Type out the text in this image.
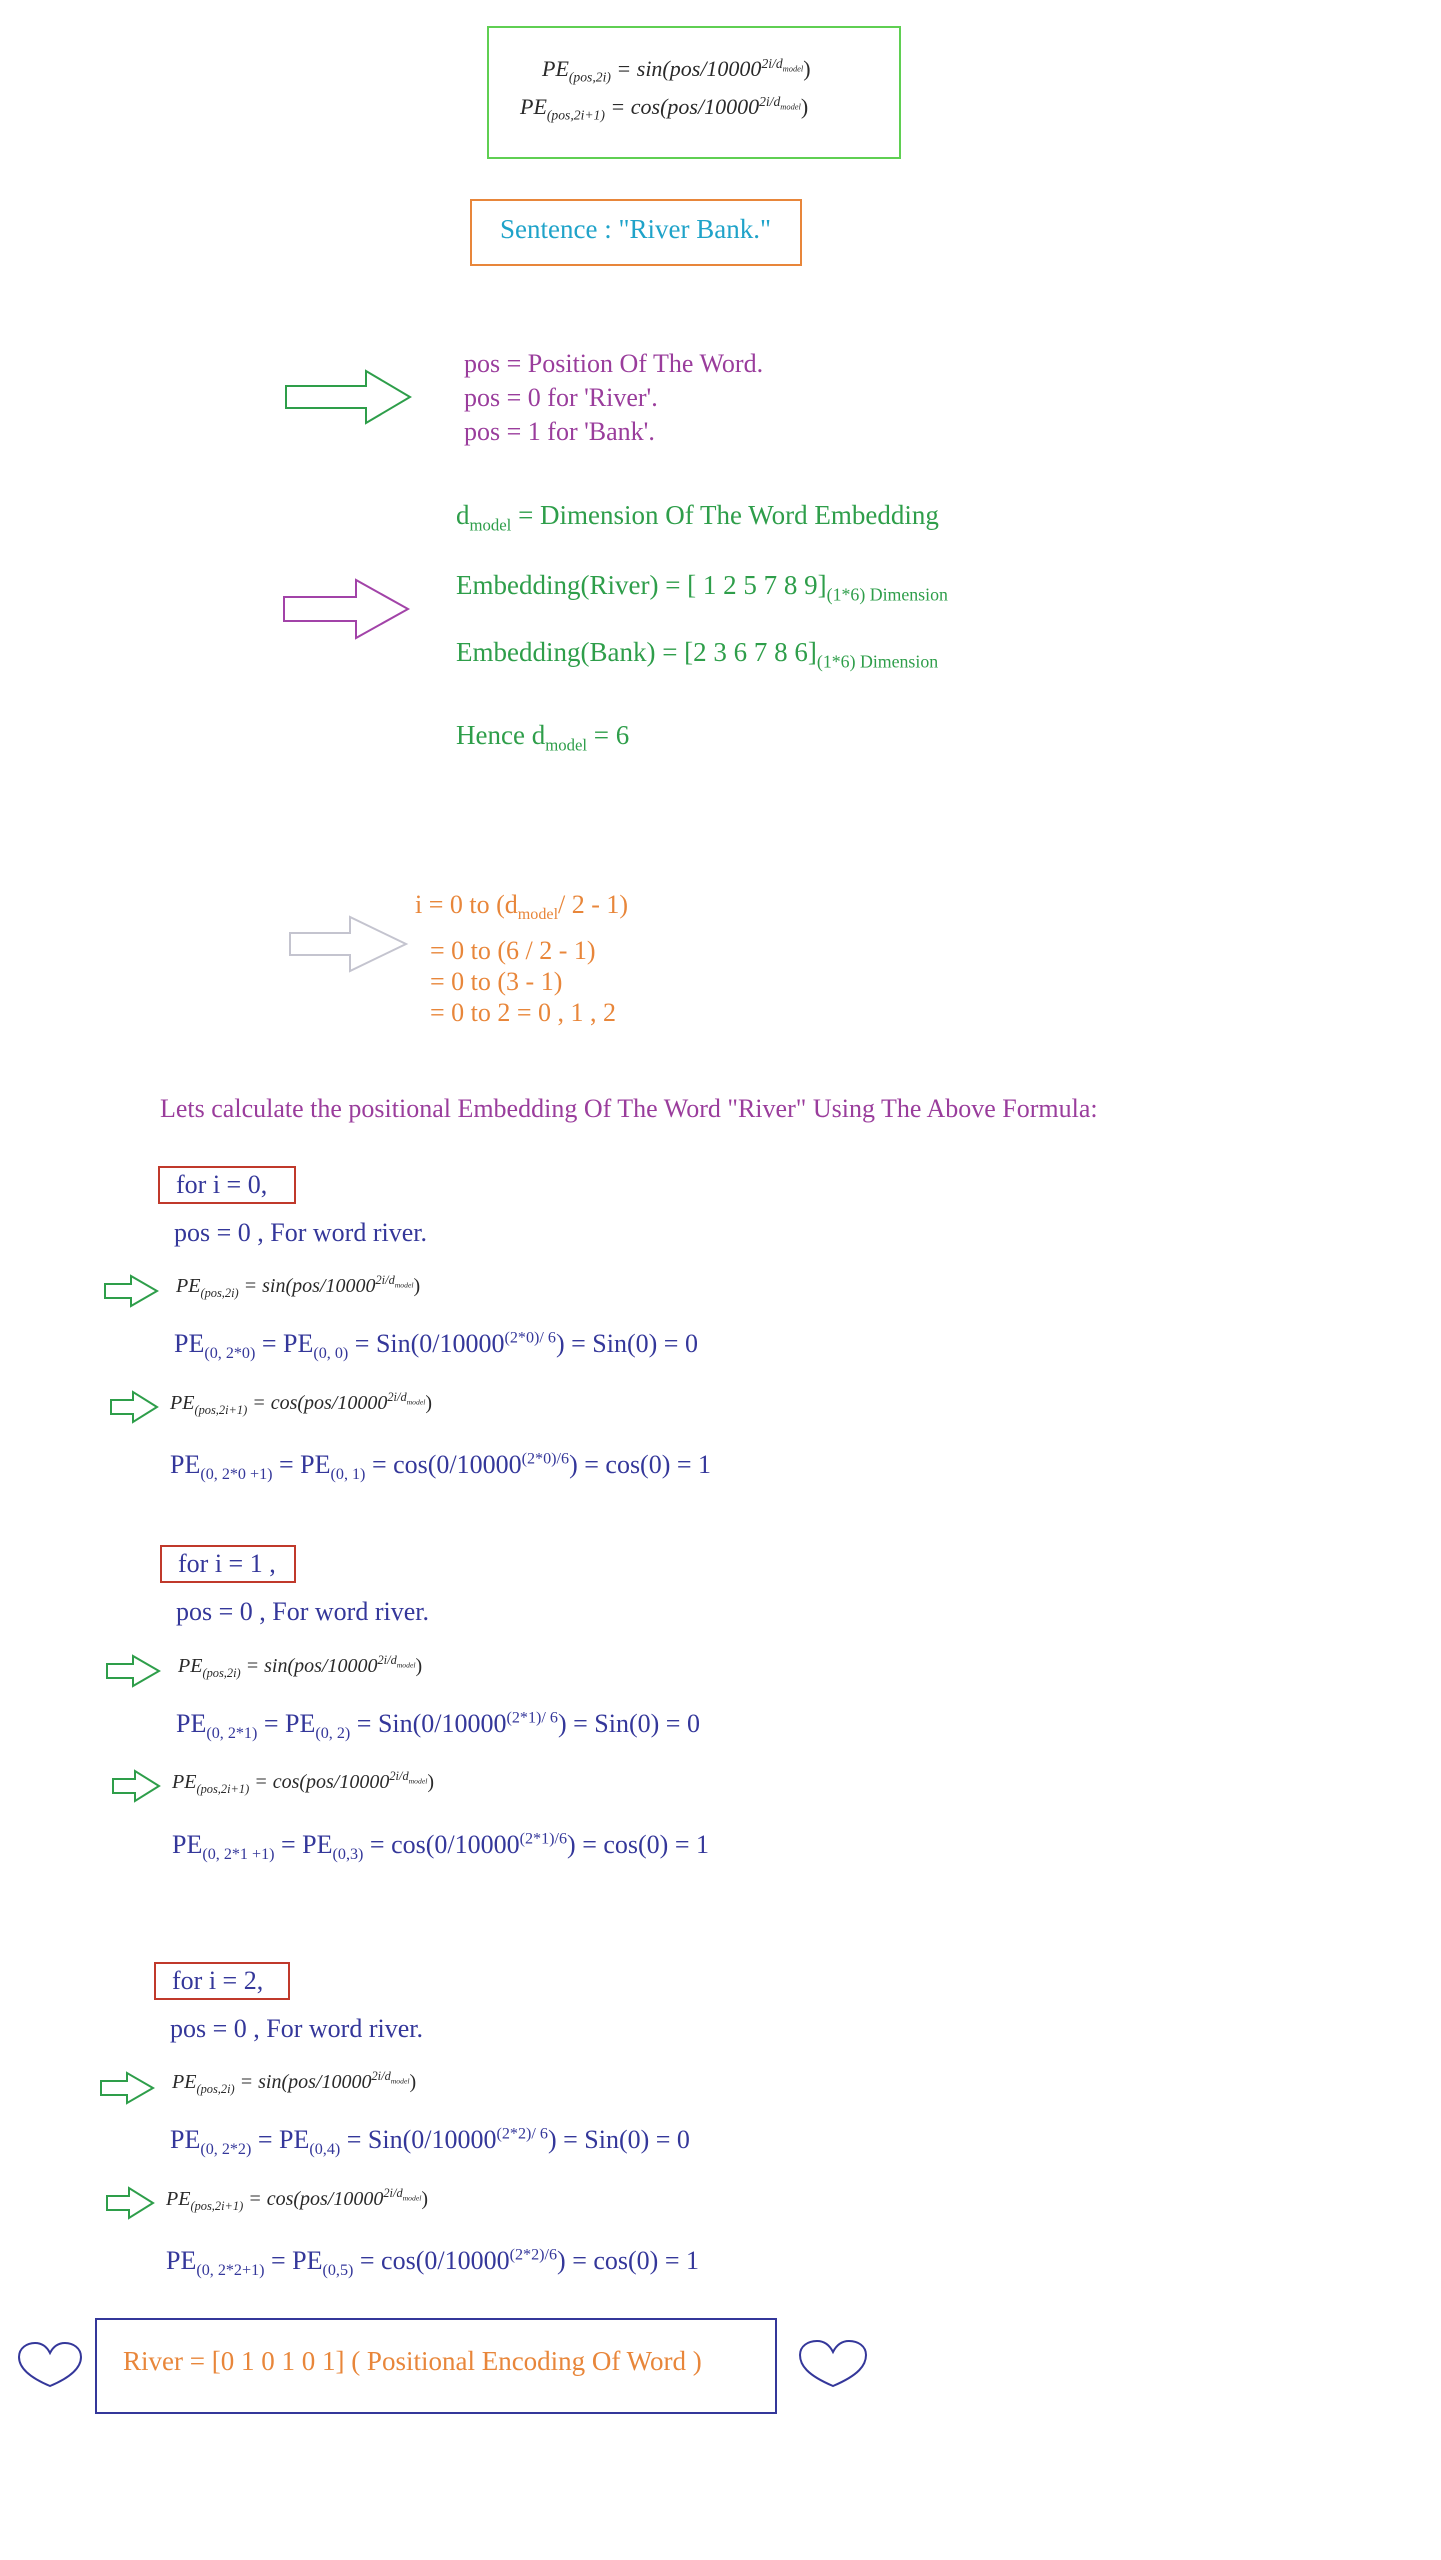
$PE_{(pos,2i)} = \sin(pos/10000^{2i/d_{model}})$
$PE_{(pos,2i+1)} = \cos(pos/10000^{2i/d_{model}})$
Sentence : "River Bank."
pos = Position Of The Word.
pos = 0 for 'River'.
pos = 1 for 'Bank'.
$d_{model}$ = Dimension Of The Word Embedding
Embedding(River) = [ 1 2 5 7 8 $9]_{(1*6) Dimension}$
Embedding(Bank) = [2 3 6 7 8 $6]_{(1*6) Dimension}$
Hence $d_{model} = 6$
i = 0 to ($d_{model}/$ 2 - 1)
= 0 to (6 / 2 - 1)
= 0 to (3 - 1)
= 0 to 2 = 0 , 1 , 2
Lets calculate the positional Embedding Of The Word "River" Using The Above Formula:
for i = 0,
pos = 0 , For word river.
$PE_{(pos,2i)} = \sin(pos/10000^{2i/d_{model}})$
$PE_{(0, 2*0)} = PE_{(0, 0)} = Sin(0/10000^{(2*0)/ 6}) = Sin(0) = 0$
$PE_{(pos,2i+1)} = \cos(pos/10000^{2i/d_{model}})$
$PE_{(0, 2*0 +1)} = PE_{(0, 1)} = \cos(0/10000^{(2*0)/6}) = \cos(0) = 1$
for i = 1 ,
pos = 0 , For word river.
$PE_{(pos,2i)} = \sin(pos/10000^{2i/d_{model}})$
$PE_{(0, 2*1)} = PE_{(0, 2)} = Sin(0/10000^{(2*1)/ 6}) = Sin(0) = 0$
$PE_{(pos,2i+1)} = \cos(pos/10000^{2i/d_{model}})$
$PE_{(0, 2*1 +1)} = PE_{(0,3)} = \cos(0/10000^{(2*1)/6}) = \cos(0) = 1$
for i = 2,
pos = 0 , For word river.
$PE_{(pos,2i)} = \sin(pos/10000^{2i/d_{model}})$
$PE_{(0, 2*2)} = PE_{(0,4)} = Sin(0/10000^{(2*2)/ 6}) = Sin(0) = 0$
$PE_{(pos,2i+1)} = \cos(pos/10000^{2i/d_{model}})$
$PE_{(0, 2*2+1)} = PE_{(0,5)} = \cos(0/10000^{(2*2)/6}) = \cos(0) = 1$
River = [0 1 0 1 0 1] ( Positional Encoding Of Word )
